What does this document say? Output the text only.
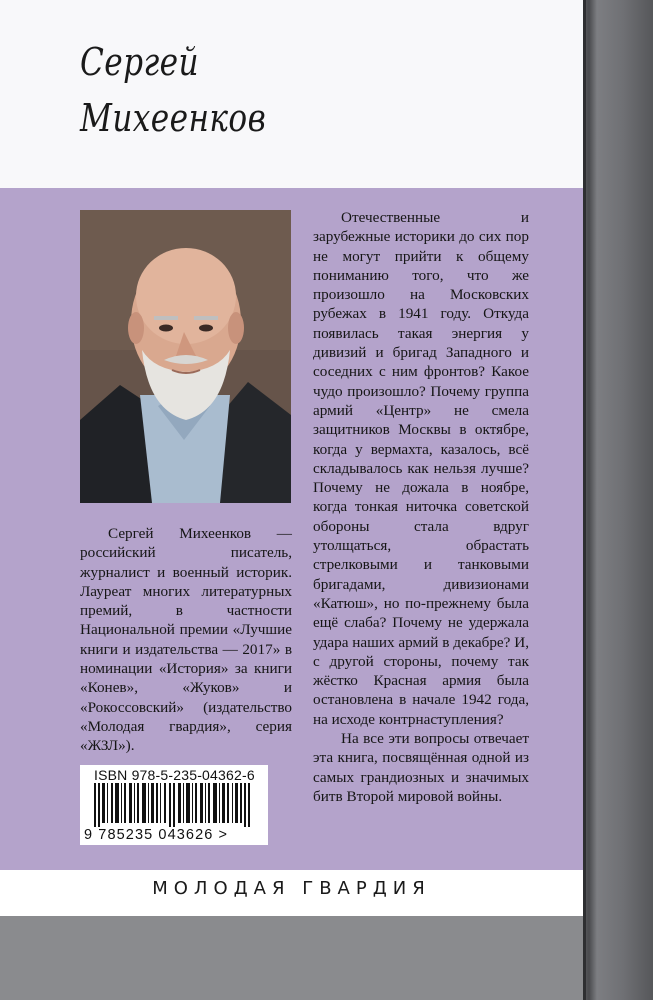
Сергей
Михеенков

Сергей Михеенков — российский писатель, журналист и военный историк. Лауреат многих литературных премий, в частности Национальной премии «Лучшие книги и издательства — 2017» в номинации «История» за книги «Конев», «Жуков» и «Рокоссовский» (издательство «Молодая гвардия», серия «ЖЗЛ»).

Отечественные и зарубежные историки до сих пор не могут прийти к общему пониманию того, что же произошло на Московских рубежах в 1941 году. Откуда появилась такая энергия у дивизий и бригад Западного и соседних с ним фронтов? Какое чудо произошло? Почему группа армий «Центр» не смела защитников Москвы в октябре, когда у вермахта, казалось, всё складывалось как нельзя лучше? Почему не дожала в ноябре, когда тонкая ниточка советской обороны стала вдруг утолщаться, обрастать стрелковыми и танковыми бригадами, дивизионами «Катюш», но по-прежнему была ещё слаба? Почему не удержала удара наших армий в декабре? И, с другой стороны, почему так жёстко Красная армия была остановлена в начале 1942 года, на исходе контрнаступления?

На все эти вопросы отвечает эта книга, посвящённая одной из самых грандиозных и значимых битв Второй мировой войны.

ISBN 978-5-235-04362-6
9 785235 043626 >
МОЛОДАЯ ГВАРДИЯ
